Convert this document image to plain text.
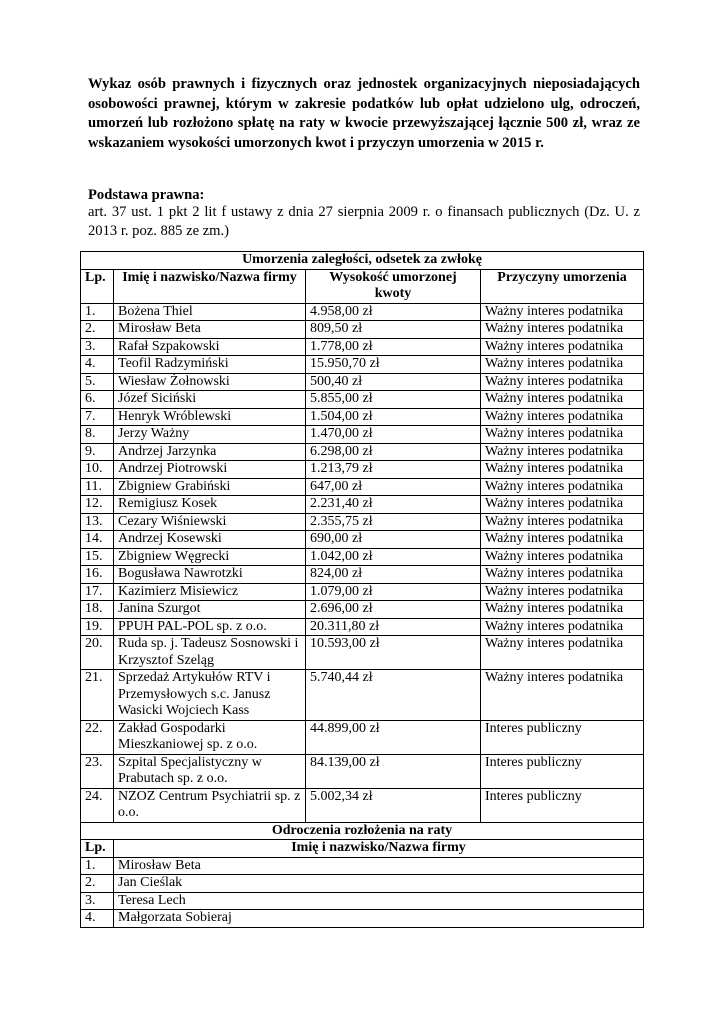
Wykaz osób prawnych i fizycznych oraz jednostek organizacyjnych nieposiadających osobowości prawnej, którym w zakresie podatków lub opłat udzielono ulg, odroczeń, umorzeń lub rozłożono spłatę na raty w kwocie przewyższającej łącznie 500 zł, wraz ze wskazaniem wysokości umorzonych kwot i przyczyn umorzenia w 2015 r.
Podstawa prawna:
art. 37 ust. 1 pkt 2 lit f ustawy z dnia 27 sierpnia 2009 r. o finansach publicznych (Dz. U. z 2013 r. poz. 885 ze zm.)
Umorzenia zaległości, odsetek za zwłokę			
Lp.	Imię i nazwisko/Nazwa firmy	Wysokość umorzonej kwoty	Przyczyny umorzenia
1.	Bożena Thiel	4.958,00 zł	Ważny interes podatnika
2.	Mirosław Beta	809,50 zł	Ważny interes podatnika
3.	Rafał Szpakowski	1.778,00 zł	Ważny interes podatnika
4.	Teofil Radzymiński	15.950,70 zł	Ważny interes podatnika
5.	Wiesław Żołnowski	500,40 zł	Ważny interes podatnika
6.	Józef Siciński	5.855,00 zł	Ważny interes podatnika
7.	Henryk Wróblewski	1.504,00 zł	Ważny interes podatnika
8.	Jerzy Ważny	1.470,00 zł	Ważny interes podatnika
9.	Andrzej Jarzynka	6.298,00 zł	Ważny interes podatnika
10.	Andrzej Piotrowski	1.213,79 zł	Ważny interes podatnika
11.	Zbigniew Grabiński	647,00 zł	Ważny interes podatnika
12.	Remigiusz Kosek	2.231,40 zł	Ważny interes podatnika
13.	Cezary Wiśniewski	2.355,75 zł	Ważny interes podatnika
14.	Andrzej Kosewski	690,00 zł	Ważny interes podatnika
15.	Zbigniew Węgrecki	1.042,00 zł	Ważny interes podatnika
16.	Bogusława Nawrotzki	824,00 zł	Ważny interes podatnika
17.	Kazimierz Misiewicz	1.079,00 zł	Ważny interes podatnika
18.	Janina Szurgot	2.696,00 zł	Ważny interes podatnika
19.	PPUH PAL-POL sp. z o.o.	20.311,80 zł	Ważny interes podatnika
20.	Ruda sp. j. Tadeusz Sosnowski i Krzysztof Szeląg	10.593,00 zł	Ważny interes podatnika
21.	Sprzedaż Artykułów RTV i Przemysłowych s.c. Janusz Wasicki Wojciech Kass	5.740,44 zł	Ważny interes podatnika
22.	Zakład Gospodarki Mieszkaniowej sp. z o.o.	44.899,00 zł	Interes publiczny
23.	Szpital Specjalistyczny w Prabutach sp. z o.o.	84.139,00 zł	Interes publiczny
24.	NZOZ Centrum Psychiatrii sp. z o.o.	5.002,34 zł	Interes publiczny
Odroczenia rozłożenia na raty			
Lp.	Imię i nazwisko/Nazwa firmy		
1.	Mirosław Beta		
2.	Jan Cieślak		
3.	Teresa Lech		
4.	Małgorzata Sobieraj		
